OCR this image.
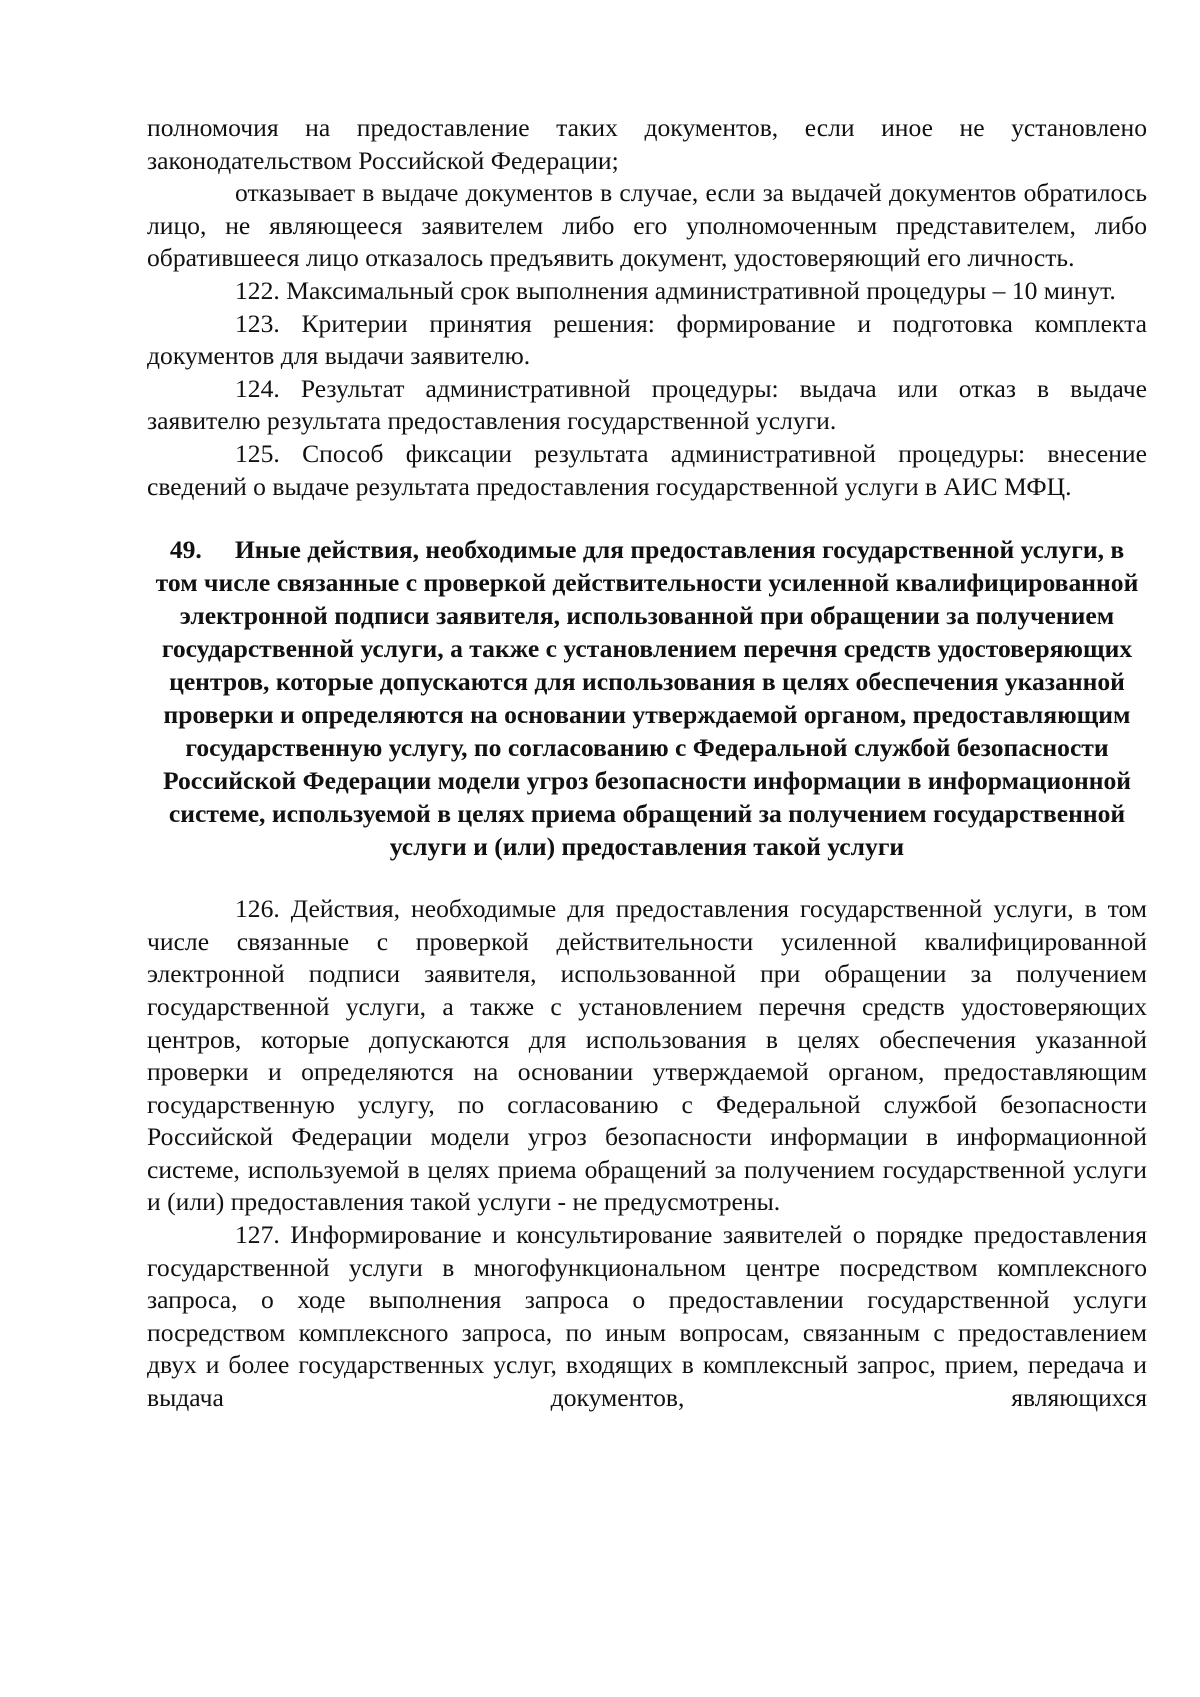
полномочия на предоставление таких документов, если иное не установлено законодательством Российской Федерации;

отказывает в выдаче документов в случае, если за выдачей документов обратилось лицо, не являющееся заявителем либо его уполномоченным представителем, либо обратившееся лицо отказалось предъявить документ, удостоверяющий его личность.

122. Максимальный срок выполнения административной процедуры – 10 минут.

123. Критерии принятия решения: формирование и подготовка комплекта документов для выдачи заявителю.

124. Результат административной процедуры: выдача или отказ в выдаче заявителю результата предоставления государственной услуги.

125. Способ фиксации результата административной процедуры: внесение сведений о выдаче результата предоставления государственной услуги в АИС МФЦ.

49. Иные действия, необходимые для предоставления государственной услуги, в том числе связанные с проверкой действительности усиленной квалифицированной электронной подписи заявителя, использованной при обращении за получением государственной услуги, а также с установлением перечня средств удостоверяющих центров, которые допускаются для использования в целях обеспечения указанной проверки и определяются на основании утверждаемой органом, предоставляющим государственную услугу, по согласованию с Федеральной службой безопасности Российской Федерации модели угроз безопасности информации в информационной системе, используемой в целях приема обращений за получением государственной услуги и (или) предоставления такой услуги

126. Действия, необходимые для предоставления государственной услуги, в том числе связанные с проверкой действительности усиленной квалифицированной электронной подписи заявителя, использованной при обращении за получением государственной услуги, а также с установлением перечня средств удостоверяющих центров, которые допускаются для использования в целях обеспечения указанной проверки и определяются на основании утверждаемой органом, предоставляющим государственную услугу, по согласованию с Федеральной службой безопасности Российской Федерации модели угроз безопасности информации в информационной системе, используемой в целях приема обращений за получением государственной услуги и (или) предоставления такой услуги - не предусмотрены.

127. Информирование и консультирование заявителей о порядке предоставления государственной услуги в многофункциональном центре посредством комплексного запроса, о ходе выполнения запроса о предоставлении государственной услуги посредством комплексного запроса, по иным вопросам, связанным с предоставлением двух и более государственных услуг, входящих в комплексный запрос, прием, передача и выдача документов, являющихся
